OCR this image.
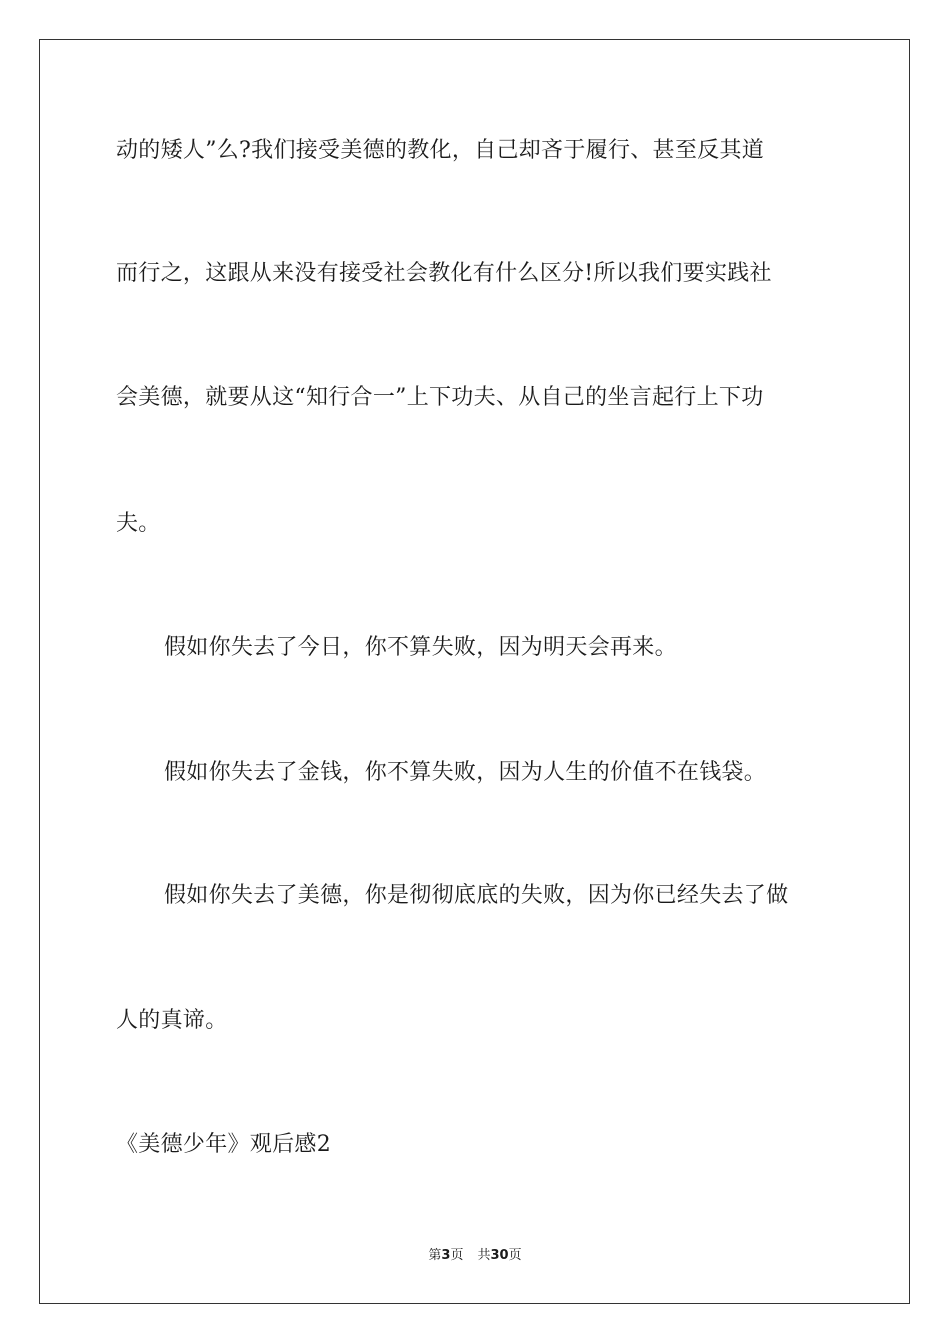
动的矮人”么?我们接受美德的教化，自己却吝于履行、甚至反其道
而行之，这跟从来没有接受社会教化有什么区分!所以我们要实践社
会美德，就要从这“知行合一”上下功夫、从自己的坐言起行上下功
夫。
假如你失去了今日，你不算失败，因为明天会再来。
假如你失去了金钱，你不算失败，因为人生的价值不在钱袋。
假如你失去了美德，你是彻彻底底的失败，因为你已经失去了做
人的真谛。
《美德少年》观后感2
第3页 共30页
